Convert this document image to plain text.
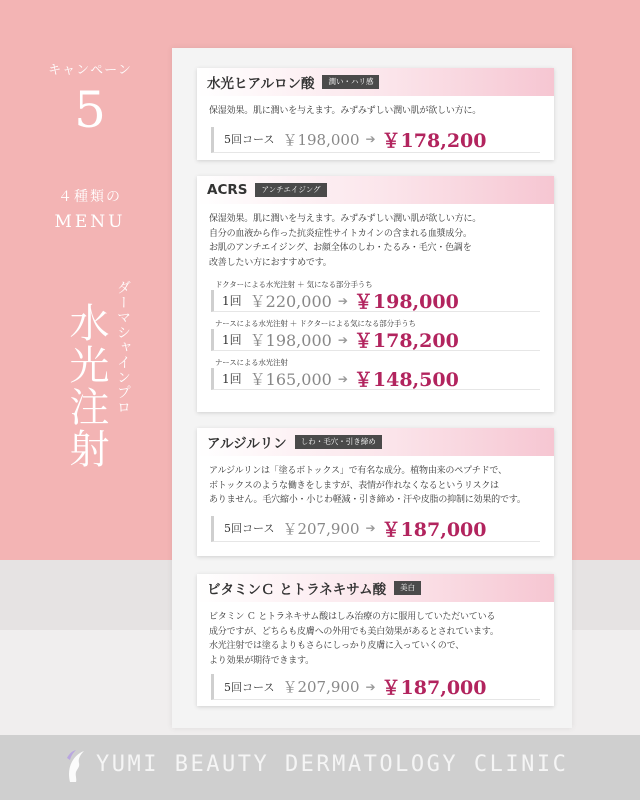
キャンペーン
5
４種類の
MENU
水光注射 ダーマシャインプロ
水光ヒアルロン酸	潤い・ハリ感
保湿効果。肌に潤いを与えます。みずみずしい潤い肌が欲しい方に。
5回コース ￥198,000 ➔ ￥178,200
ACRS	アンチエイジング
保湿効果。肌に潤いを与えます。みずみずしい潤い肌が欲しい方に。
自分の血液から作った抗炎症性サイトカインの含まれる血漿成分。
お肌のアンチエイジング、お顔全体のしわ・たるみ・毛穴・色調を
改善したい方におすすめです。
ドクターによる水光注射 ＋ 気になる部分手うち
1回 ￥220,000 ➔ ￥198,000
ナースによる水光注射 ＋ ドクターによる気になる部分手うち
1回 ￥198,000 ➔ ￥178,200
ナースによる水光注射
1回 ￥165,000 ➔ ￥148,500
アルジルリン	しわ・毛穴・引き締め
アルジルリンは「塗るボトックス」で有名な成分。植物由来のペプチドで、
ボトックスのような働きをしますが、表情が作れなくなるというリスクは
ありません。毛穴縮小・小じわ軽減・引き締め・汗や皮脂の抑制に効果的です。
5回コース ￥207,900 ➔ ￥187,000
ビタミンＣ とトラネキサム酸	美白
ビタミン Ｃ とトラネキサム酸はしみ治療の方に服用していただいている
成分ですが、どちらも皮膚への外用でも美白効果があるとされています。
水光注射では塗るよりもさらにしっかり皮膚に入っていくので、
より効果が期待できます。
5回コース ￥207,900 ➔ ￥187,000
YUMI BEAUTY DERMATOLOGY CLINIC
